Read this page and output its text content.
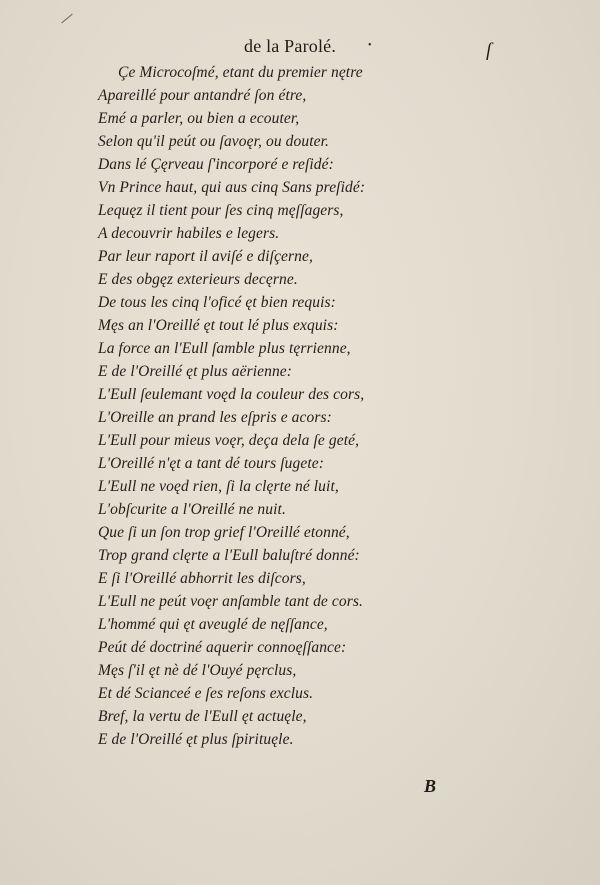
de la Parolé.	•	ſ
Çe Microcoſmé, etant du premier nętre
Apareillé pour antandré ſon étre,
Emé a parler, ou bien a ecouter,
Selon qu'il peút ou ſavoęr, ou douter.
Dans lé Çęrveau ſ'incorporé e reſidé:
Vn Prince haut, qui aus cinq Sans preſidé:
Lequęz il tient pour ſes cinq męſſagers,
A decouvrir habiles e legers.
Par leur raport il aviſé e diſçerne,
E des obgęz exterieurs decęrne.
De tous les cinq l'oficé ęt bien requis:
Męs an l'Oreillé ęt tout lé plus exquis:
La force an l'Eull ſamble plus tęrrienne,
E de l'Oreillé ęt plus aërienne:
L'Eull ſeulemant voęd la couleur des cors,
L'Oreille an prand les eſpris e acors:
L'Eull pour mieus voęr, deça dela ſe geté,
L'Oreillé n'ęt a tant dé tours ſugete:
L'Eull ne voęd rien, ſi la clęrte né luit,
L'obſcurite a l'Oreillé ne nuit.
Que ſi un ſon trop grief l'Oreillé etonné,
Trop grand clęrte a l'Eull baluſtré donné:
E ſi l'Oreillé abhorrit les diſcors,
L'Eull ne peút voęr anſamble tant de cors.
L'hommé qui ęt aveuglé de nęſſance,
Peút dé doctriné aquerir connoęſſance:
Męs ſ'il ęt nè dé l'Ouyé pęrclus,
Et dé Scianceé e ſes reſons exclus.
Bref, la vertu de l'Eull ęt actuęle,
E de l'Oreillé ęt plus ſpirituęle.
B
